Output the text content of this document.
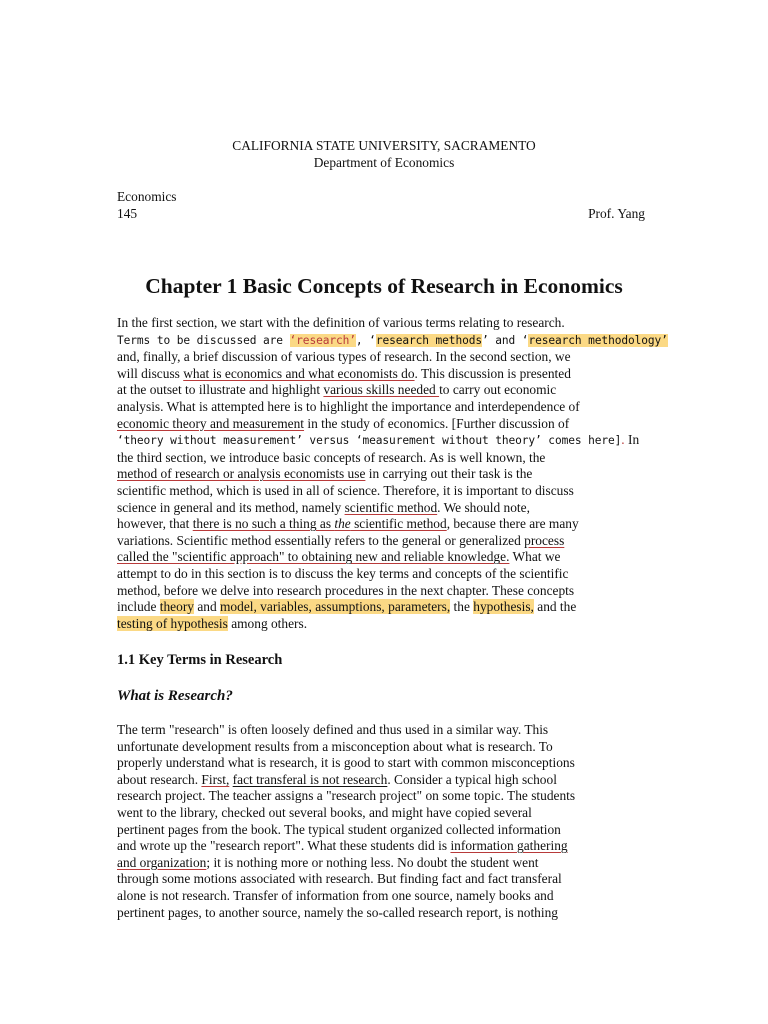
CALIFORNIA STATE UNIVERSITY, SACRAMENTO
Department of Economics
Economics
145	Prof. Yang
Chapter 1 Basic Concepts of Research in Economics

In the first section, we start with the definition of various terms relating to research.
Terms to be discussed are ‘research’, ‘research methods’ and ‘research methodology’
and, finally, a brief discussion of various types of research. In the second section, we
will discuss what is economics and what economists do. This discussion is presented
at the outset to illustrate and highlight various skills needed to carry out economic
analysis. What is attempted here is to highlight the importance and interdependence of
economic theory and measurement in the study of economics. [Further discussion of
‘theory without measurement’ versus ‘measurement without theory’ comes here]. In
the third section, we introduce basic concepts of research. As is well known, the
method of research or analysis economists use in carrying out their task is the
scientific method, which is used in all of science. Therefore, it is important to discuss
science in general and its method, namely scientific method. We should note,
however, that there is no such a thing as the scientific method, because there are many
variations. Scientific method essentially refers to the general or generalized process
called the "scientific approach" to obtaining new and reliable knowledge. What we
attempt to do in this section is to discuss the key terms and concepts of the scientific
method, before we delve into research procedures in the next chapter. These concepts
include theory and model, variables, assumptions, parameters, the hypothesis, and the
testing of hypothesis among others.

1.1 Key Terms in Research
What is Research?

The term "research" is often loosely defined and thus used in a similar way. This
unfortunate development results from a misconception about what is research. To
properly understand what is research, it is good to start with common misconceptions
about research. First, fact transferal is not research. Consider a typical high school
research project. The teacher assigns a "research project" on some topic. The students
went to the library, checked out several books, and might have copied several
pertinent pages from the book. The typical student organized collected information
and wrote up the "research report". What these students did is information gathering
and organization; it is nothing more or nothing less. No doubt the student went
through some motions associated with research. But finding fact and fact transferal
alone is not research. Transfer of information from one source, namely books and
pertinent pages, to another source, namely the so-called research report, is nothing
